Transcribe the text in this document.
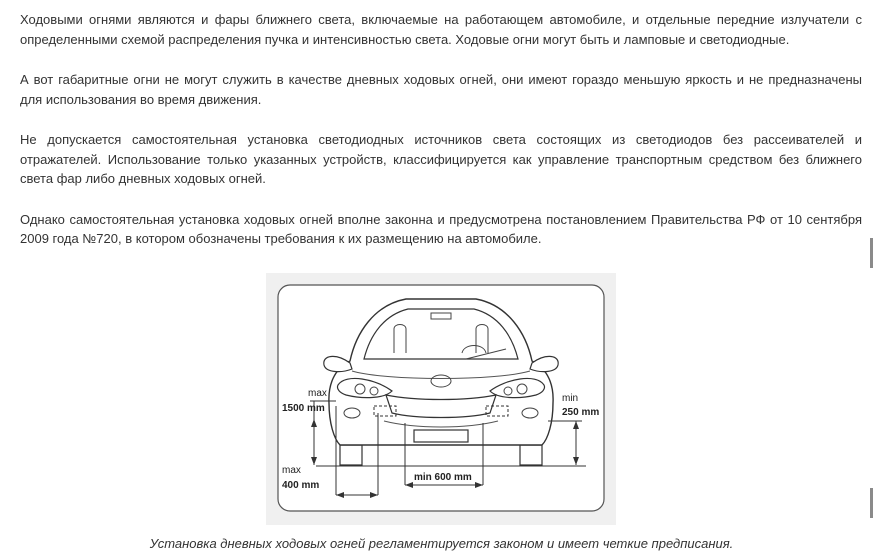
Ходовыми огнями являются и фары ближнего света, включаемые на работающем автомобиле, и отдельные передние излучатели с определенными схемой распределения пучка и интенсивностью света. Ходовые огни могут быть и ламповые и светодиодные.

А вот габаритные огни не могут служить в качестве дневных ходовых огней, они имеют гораздо меньшую яркость и не предназначены для использования во время движения.

Не допускается самостоятельная установка светодиодных источников света состоящих из светодиодов без рассеивателей и отражателей. Использование только указанных устройств, классифицируется как управление транспортным средством без ближнего света фар либо дневных ходовых огней.

Однако самостоятельная установка ходовых огней вполне законна и предусмотрена постановлением Правительства РФ от 10 сентября 2009 года №720, в котором обозначены требования к их размещению на автомобиле.

max
1500 mm
max
400 mm
min
250 mm
min 600 mm
Установка дневных ходовых огней регламентируется законом и имеет четкие предписания.
